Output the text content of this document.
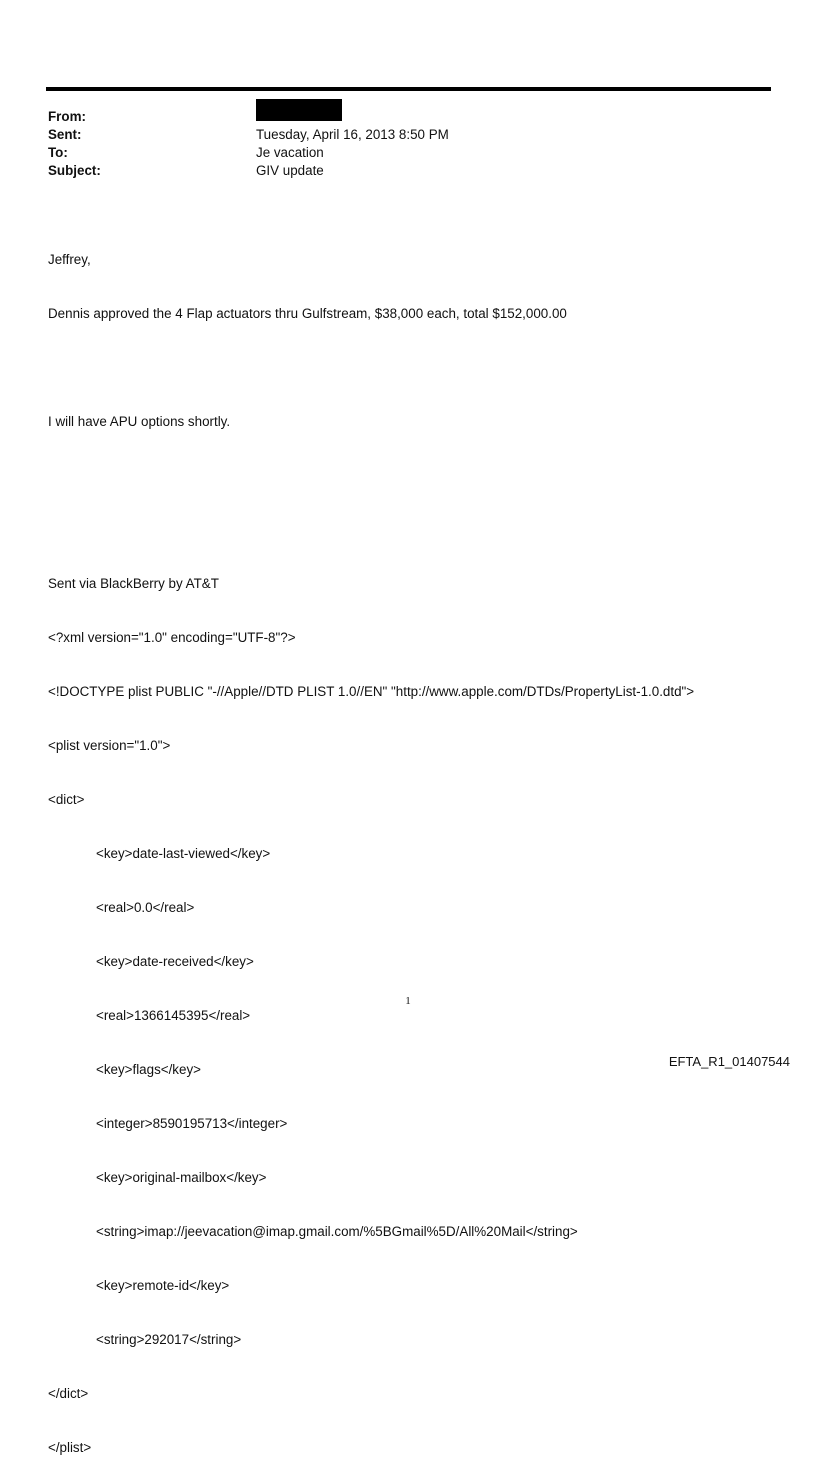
From:
Sent:	Tuesday, April 16, 2013 8:50 PM
To:	Je vacation
Subject:	GIV update

Jeffrey,

Dennis approved the 4 Flap actuators thru Gulfstream, $38,000 each, total $152,000.00

I will have APU options shortly.

Sent via BlackBerry by AT&T

<?xml version="1.0" encoding="UTF-8"?>

<!DOCTYPE plist PUBLIC "-//Apple//DTD PLIST 1.0//EN" "http://www.apple.com/DTDs/PropertyList-1.0.dtd">

<plist version="1.0">

<dict>

<key>date-last-viewed</key>

<real>0.0</real>

<key>date-received</key>

<real>1366145395</real>

<key>flags</key>

<integer>8590195713</integer>

<key>original-mailbox</key>

<string>imap://jeevacation@imap.gmail.com/%5BGmail%5D/All%20Mail</string>

<key>remote-id</key>

<string>292017</string>

</dict>

</plist>

1
EFTA_R1_01407544
